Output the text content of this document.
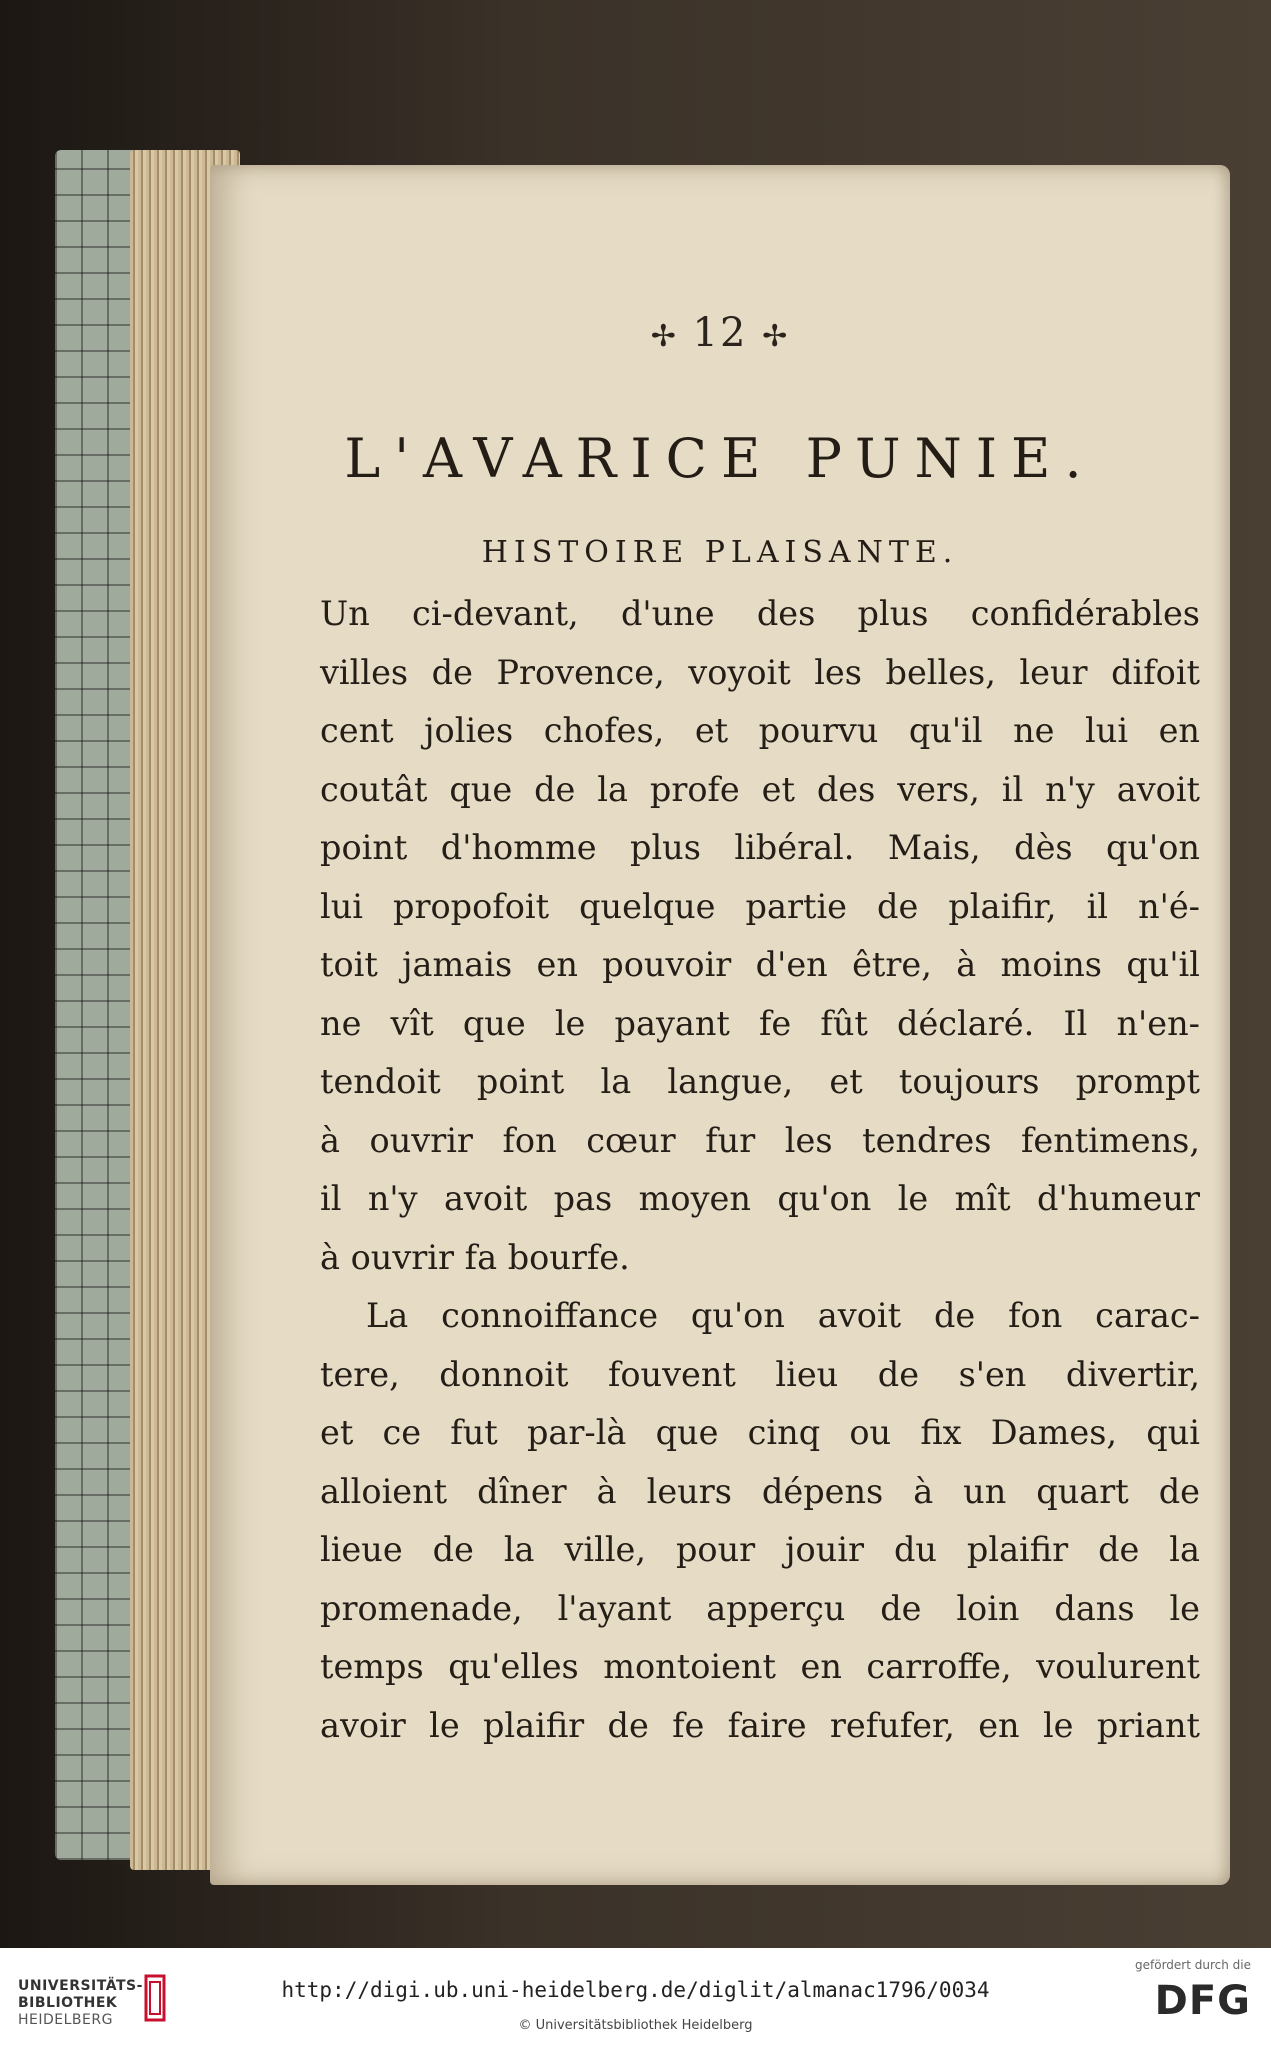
✢ 12 ✢
L'AVARICE PUNIE.
HISTOIRE PLAISANTE.
Un ci-devant, d'une des plus confidérables
villes de Provence, voyoit les belles, leur difoit
cent jolies chofes, et pourvu qu'il ne lui en
coutât que de la profe et des vers, il n'y avoit
point d'homme plus libéral. Mais, dès qu'on
lui propofoit quelque partie de plaifir, il n'é-
toit jamais en pouvoir d'en être, à moins qu'il
ne vît que le payant fe fût déclaré. Il n'en-
tendoit point la langue, et toujours prompt
à ouvrir fon cœur fur les tendres fentimens,
il n'y avoit pas moyen qu'on le mît d'humeur
à ouvrir fa bourfe.
La connoiffance qu'on avoit de fon carac-
tere, donnoit fouvent lieu de s'en divertir,
et ce fut par-là que cinq ou fix Dames, qui
alloient dîner à leurs dépens à un quart de
lieue de la ville, pour jouir du plaifir de la
promenade, l'ayant apperçu de loin dans le
temps qu'elles montoient en carroffe, voulurent
avoir le plaifir de fe faire refufer, en le priant
UNIVERSITÄTS-
BIBLIOTHEK
HEIDELBERG
http://digi.ub.uni-heidelberg.de/diglit/almanac1796/0034
© Universitätsbibliothek Heidelberg
gefördert durch die
DFG
